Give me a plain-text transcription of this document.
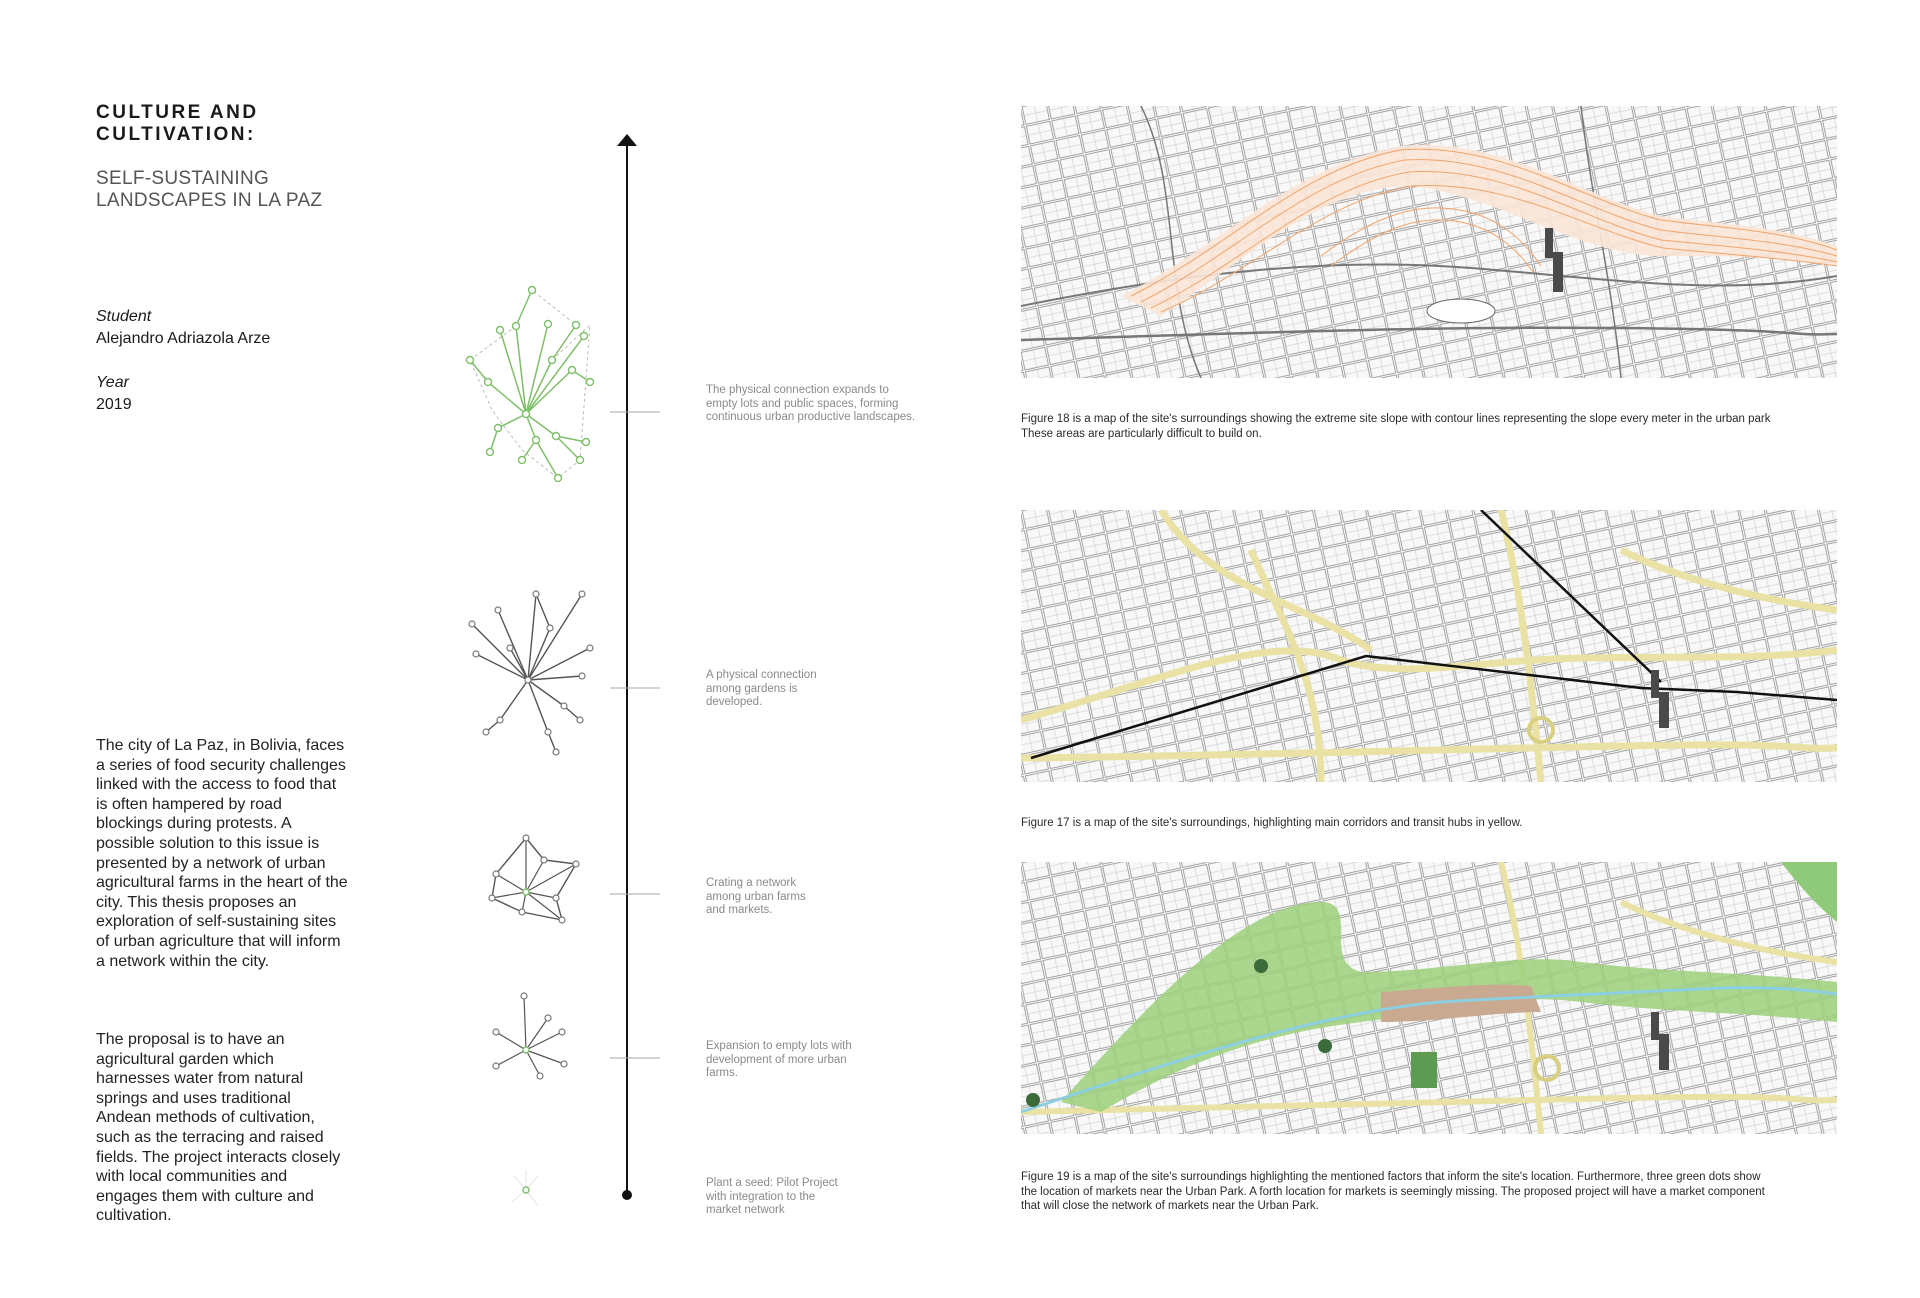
CULTURE AND
CULTIVATION:
SELF-SUSTAINING
LANDSCAPES IN LA PAZ
Student
Alejandro Adriazola Arze
Year
2019
The city of La Paz, in Bolivia, faces a series of food security challenges linked with the access to food that is often hampered by road blockings during protests. A possible solution to this issue is presented by a network of urban agricultural farms in the heart of the city. This thesis proposes an exploration of self-sustaining sites of urban agriculture that will inform a network within the city.
The proposal is to have an agricultural garden which harnesses water from natural springs and uses traditional Andean methods of cultivation, such as the terracing and raised fields. The project interacts closely with local communities and engages them with culture and cultivation.
The physical connection expands to empty lots and public spaces, forming continuous urban productive landscapes.
A physical connection among gardens is developed.
Crating a network among urban farms and markets.
Expansion to empty lots with development of more urban farms.
Plant a seed: Pilot Project with integration to the market network
Figure 18 is a map of the site's surroundings showing the extreme site slope with contour lines representing the slope every meter in the urban park
These areas are particularly difficult to build on.
Figure 17 is a map of the site's surroundings, highlighting main corridors and transit hubs in yellow.
Figure 19 is a map of the site's surroundings highlighting the mentioned factors that inform the site's location. Furthermore, three green dots show
the location of markets near the Urban Park. A forth location for markets is seemingly missing. The proposed project will have a market component
that will close the network of markets near the Urban Park.
